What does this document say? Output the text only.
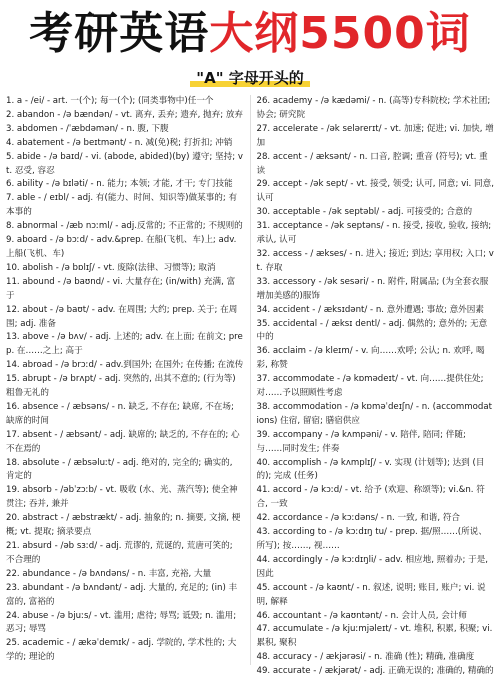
考研英语大纲5500词
"A" 字母开头的
1. a - /ei/ - art. 一(个); 每一(个); (同类事物中)任一个
2. abandon - /ə bændən/ - vt. 离弃, 丢弃; 遗弃, 抛弃; 放弃
3. abdomen - /ˈæbdəmən/ - n. 腹, 下腹
4. abatement - /ə beɪtmənt/ - n. 减(免)税; 打折扣; 冲销
5. abide - /ə baɪd/ - vi. (abode, abided)(by) 遵守; 坚持; vt. 忍受, 容忍
6. ability - /ə bɪləti/ - n. 能力; 本领; 才能, 才干; 专门技能
7. able - / eɪbl/ - adj. 有(能力、时间、知识等)做某事的; 有本事的
8. abnormal - /æb nɔːml/ - adj.反常的; 不正常的; 不规则的
9. aboard - /ə bɔːd/ - adv.&prep. 在船(飞机、车)上; adv. 上船(飞机、车)
10. abolish - /ə bɒlɪʃ/ - vt. 废除(法律、习惯等); 取消
11. abound - /ə baʊnd/ - vi. 大量存在; (in/with) 充满, 富于
12. about - /ə baʊt/ - adv. 在周围; 大约; prep. 关于; 在周围; adj. 准备
13. above - /ə bʌv/ - adj. 上述的; adv. 在上面; 在前文; prep. 在……之上; 高于
14. abroad - /ə brɔːd/ - adv.到国外; 在国外; 在传播; 在流传
15. abrupt - /ə brʌpt/ - adj. 突然的, 出其不意的; (行为等)粗鲁无礼的
16. absence - / æbsəns/ - n. 缺乏, 不存在; 缺席, 不在场; 缺席的时间
17. absent - / æbsənt/ - adj. 缺席的; 缺乏的, 不存在的; 心不在焉的
18. absolute - / æbsəluːt/ - adj. 绝对的, 完全的; 确实的, 肯定的
19. absorb - /əbˈzɔːb/ - vt. 吸收 (水、光、蒸汽等); 使全神贯注; 吞并, 兼并
20. abstract - / æbstrækt/ - adj. 抽象的; n. 摘要, 文摘, 梗概; vt. 提取; 摘录要点
21. absurd - /əb sɜːd/ - adj. 荒谬的, 荒诞的, 荒唐可笑的; 不合理的
22. abundance - /ə bʌndəns/ - n. 丰富, 充裕, 大量
23. abundant - /ə bʌndənt/ - adj. 大量的, 充足的; (in) 丰富的, 富裕的
24. abuse - /ə bjuːs/ - vt. 滥用; 虐待; 辱骂; 诋毁; n. 滥用; 恶习; 辱骂
25. academic - / ækəˈdemɪk/ - adj. 学院的, 学术性的; 大学的; 理论的
26. academy - /ə kædəmi/ - n. (高等)专科院校; 学术社团; 协会; 研究院
27. accelerate - /ək selərerɪt/ - vt. 加速; 促进; vi. 加快, 增加
28. accent - / æksənt/ - n. 口音, 腔调; 重音 (符号); vt. 重读
29. accept - /ək sept/ - vt. 接受, 领受; 认可, 同意; vi. 同意, 认可
30. acceptable - /ək septəbl/ - adj. 可接受的; 合意的
31. acceptance - /ək septəns/ - n. 接受, 接收, 验收, 接纳; 承认, 认可
32. access - / ækses/ - n. 进入; 接近; 到达; 享用权; 入口; vt. 存取
33. accessory - /ək sesəri/ - n. 附件, 附属品; (为全套衣服增加美感的)服饰
34. accident - / æksɪdənt/ - n. 意外遭遇; 事故; 意外因素
35. accidental - / æksɪ dentl/ - adj. 偶然的; 意外的; 无意中的
36. acclaim - /ə kleɪm/ - v. 向……欢呼; 公认; n. 欢呼, 喝彩, 称赞
37. accommodate - /ə kɒmədeɪt/ - vt. 向……提供住处; 对……予以照顾性考虑
38. accommodation - /ə kɒməˈdeɪʃn/ - n. (accommodations) 住宿, 留宿; 膳宿供应
39. accompany - /ə kʌmpəni/ - v. 陪伴, 陪同; 伴随; 与……同时发生; 伴奏
40. accomplish - /ə kʌmplɪʃ/ - v. 实现 (计划等); 达到 (目的); 完成 (任务)
41. accord - /ə kɔːd/ - vt. 给予 (欢迎、称颂等); vi.&n. 符合, 一致
42. accordance - /ə kɔːdəns/ - n. 一致, 和谐, 符合
43. according to - /ə kɔːdɪŋ tu/ - prep. 据/照……(所说、所写); 按……, 视……
44. accordingly - /ə kɔːdɪŋli/ - adv. 相应地, 照着办; 于是, 因此
45. account - /ə kaʊnt/ - n. 叙述, 说明; 账目, 账户; vi. 说明, 解释
46. accountant - /ə kaʊntənt/ - n. 会计人员, 会计师
47. accumulate - /ə kjuːmjəleɪt/ - vt. 堆积, 积累, 积聚; vi. 累积, 聚积
48. accuracy - / ækjərəsi/ - n. 准确 (性); 精确, 准确度
49. accurate - / ækjərət/ - adj. 正确无误的; 准确的, 精确的
